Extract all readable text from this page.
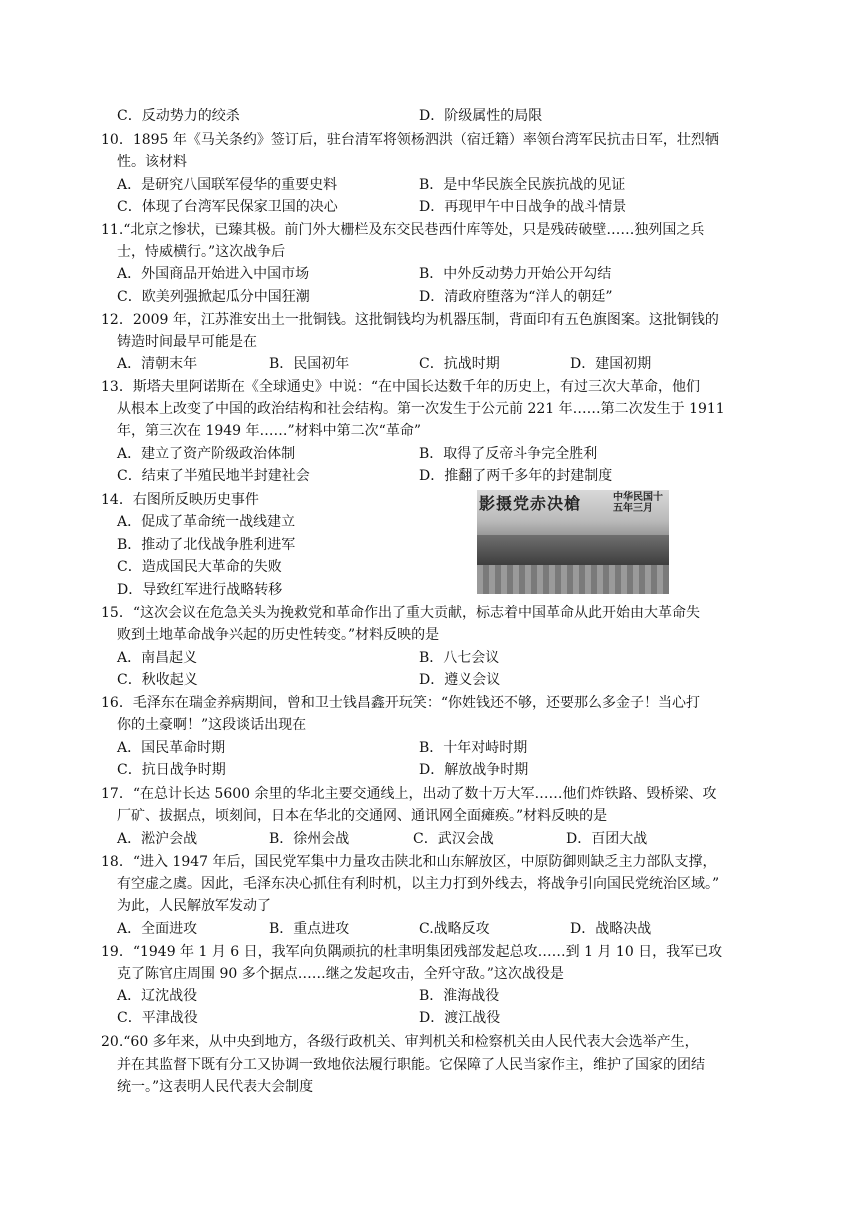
C．反动势力的绞杀	D．阶级属性的局限
10．1895 年《马关条约》签订后，驻台清军将领杨泗洪（宿迁籍）率领台湾军民抗击日军，壮烈牺
性。该材料
A．是研究八国联军侵华的重要史料	B．是中华民族全民族抗战的见证
C．体现了台湾军民保家卫国的决心	D．再现甲午中日战争的战斗情景
11.“北京之惨状，已臻其极。前门外大栅栏及东交民巷西什库等处，只是残砖破壁……独列国之兵
士，恃威横行。”这次战争后
A．外国商品开始进入中国市场	B．中外反动势力开始公开勾结
C．欧美列强掀起瓜分中国狂潮	D．清政府堕落为“洋人的朝廷”
12．2009 年，江苏淮安出土一批铜钱。这批铜钱均为机器压制，背面印有五色旗图案。这批铜钱的
铸造时间最早可能是在
A．清朝末年	B．民国初年	C．抗战时期	D．建国初期
13．斯塔夫里阿诺斯在《全球通史》中说：“在中国长达数千年的历史上，有过三次大革命，他们
从根本上改变了中国的政治结构和社会结构。第一次发生于公元前 221 年……第二次发生于 1911
年，第三次在 1949 年……”材料中第二次“革命”
A．建立了资产阶级政治体制	B．取得了反帝斗争完全胜利
C．结束了半殖民地半封建社会	D．推翻了两千多年的封建制度
14．右图所反映历史事件
A．促成了革命统一战线建立
B．推动了北伐战争胜利进军
C．造成国民大革命的失败
D．导致红军进行战略转移
影摄党赤决槍	中华民国十五年三月
15．“这次会议在危急关头为挽救党和革命作出了重大贡献，标志着中国革命从此开始由大革命失
败到土地革命战争兴起的历史性转变。”材料反映的是
A．南昌起义	B．八七会议
C．秋收起义	D．遵义会议
16．毛泽东在瑞金养病期间，曾和卫士钱昌鑫开玩笑：“你姓钱还不够，还要那么多金子！当心打
你的土豪啊！”这段谈话出现在
A．国民革命时期	B．十年对峙时期
C．抗日战争时期	D．解放战争时期
17．“在总计长达 5600 余里的华北主要交通线上，出动了数十万大军……他们炸铁路、毁桥梁、攻
厂矿、拔据点，顷刻间，日本在华北的交通网、通讯网全面瘫痪。”材料反映的是
A．淞沪会战	B．徐州会战	C．武汉会战	D．百团大战
18．“进入 1947 年后，国民党军集中力量攻击陕北和山东解放区，中原防御则缺乏主力部队支撑，
有空虚之虞。因此，毛泽东决心抓住有利时机，以主力打到外线去，将战争引向国民党统治区域。”
为此，人民解放军发动了
A．全面进攻	B．重点进攻	C.战略反攻	D．战略决战
19．“1949 年 1 月 6 日，我军向负隅顽抗的杜聿明集团残部发起总攻……到 1 月 10 日，我军已攻
克了陈官庄周围 90 多个据点……继之发起攻击，全歼守敌。”这次战役是
A．辽沈战役	B．淮海战役
C．平津战役	D．渡江战役
20.“60 多年来，从中央到地方，各级行政机关、审判机关和检察机关由人民代表大会选举产生，
并在其监督下既有分工又协调一致地依法履行职能。它保障了人民当家作主，维护了国家的团结
统一。”这表明人民代表大会制度
